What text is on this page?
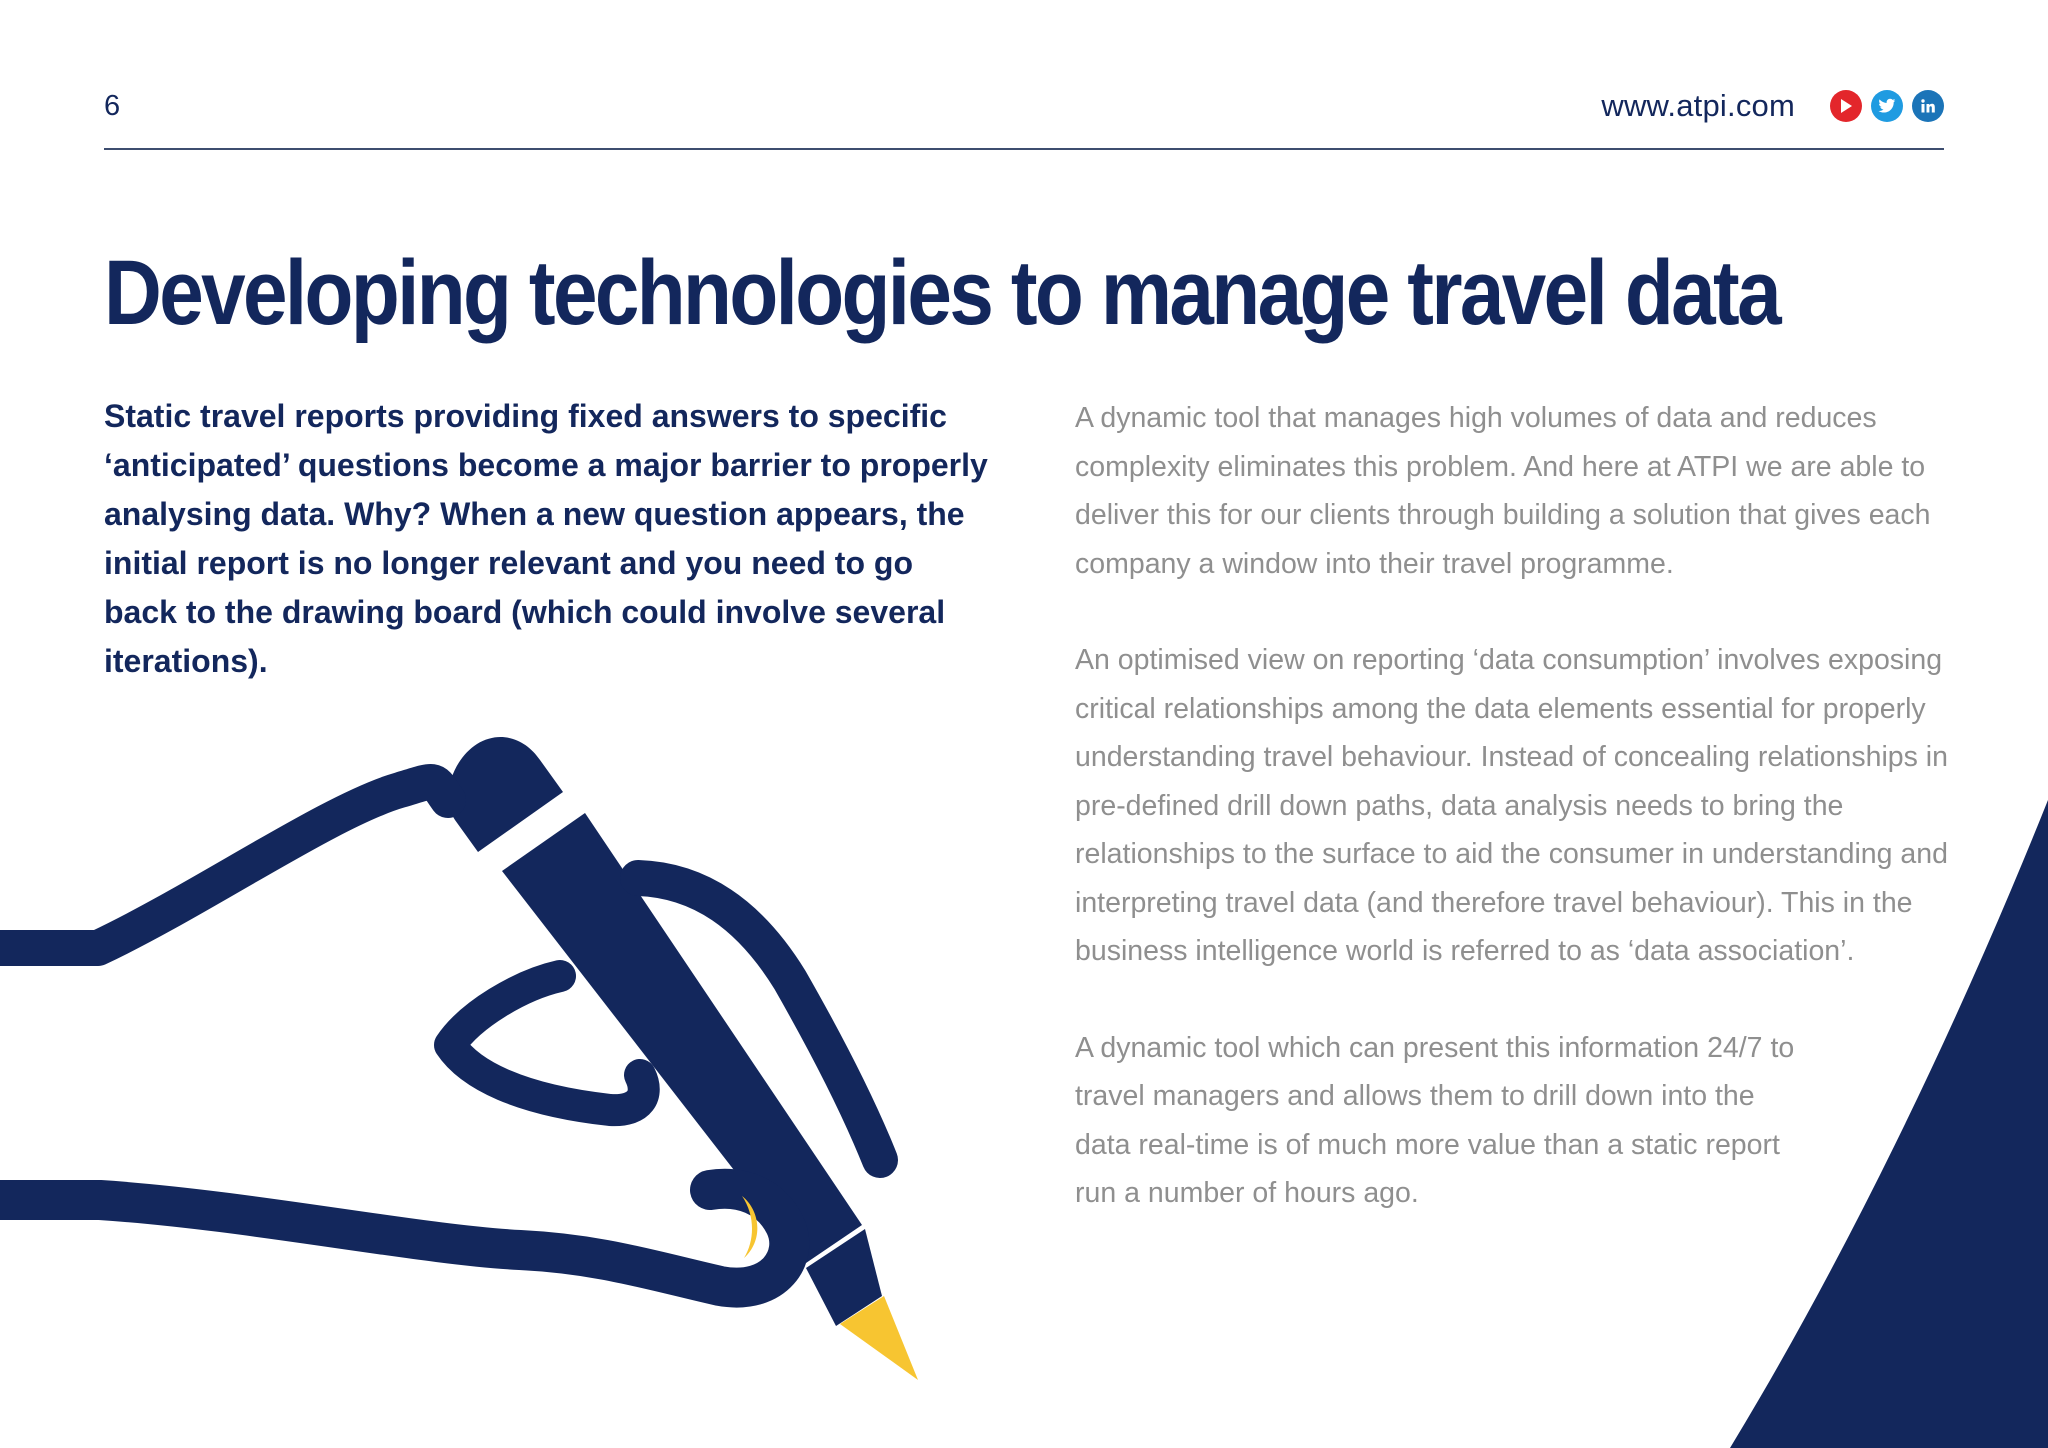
6	www.atpi.com
Developing technologies to manage travel data

Static travel reports providing fixed answers to specific ‘anticipated’ questions become a major barrier to properly analysing data. Why? When a new question appears, the initial report is no longer relevant and you need to go back to the drawing board (which could involve several iterations).

A dynamic tool that manages high volumes of data and reduces complexity eliminates this problem. And here at ATPI we are able to deliver this for our clients through building a solution that gives each company a window into their travel programme.

An optimised view on reporting ‘data consumption’ involves exposing critical relationships among the data elements essential for properly understanding travel behaviour. Instead of concealing relationships in pre-defined drill down paths, data analysis needs to bring the relationships to the surface to aid the consumer in understanding and interpreting travel data (and therefore travel behaviour). This in the business intelligence world is referred to as ‘data association’.

A dynamic tool which can present this information 24/7 to travel managers and allows them to drill down into the data real-time is of much more value than a static report run a number of hours ago.
